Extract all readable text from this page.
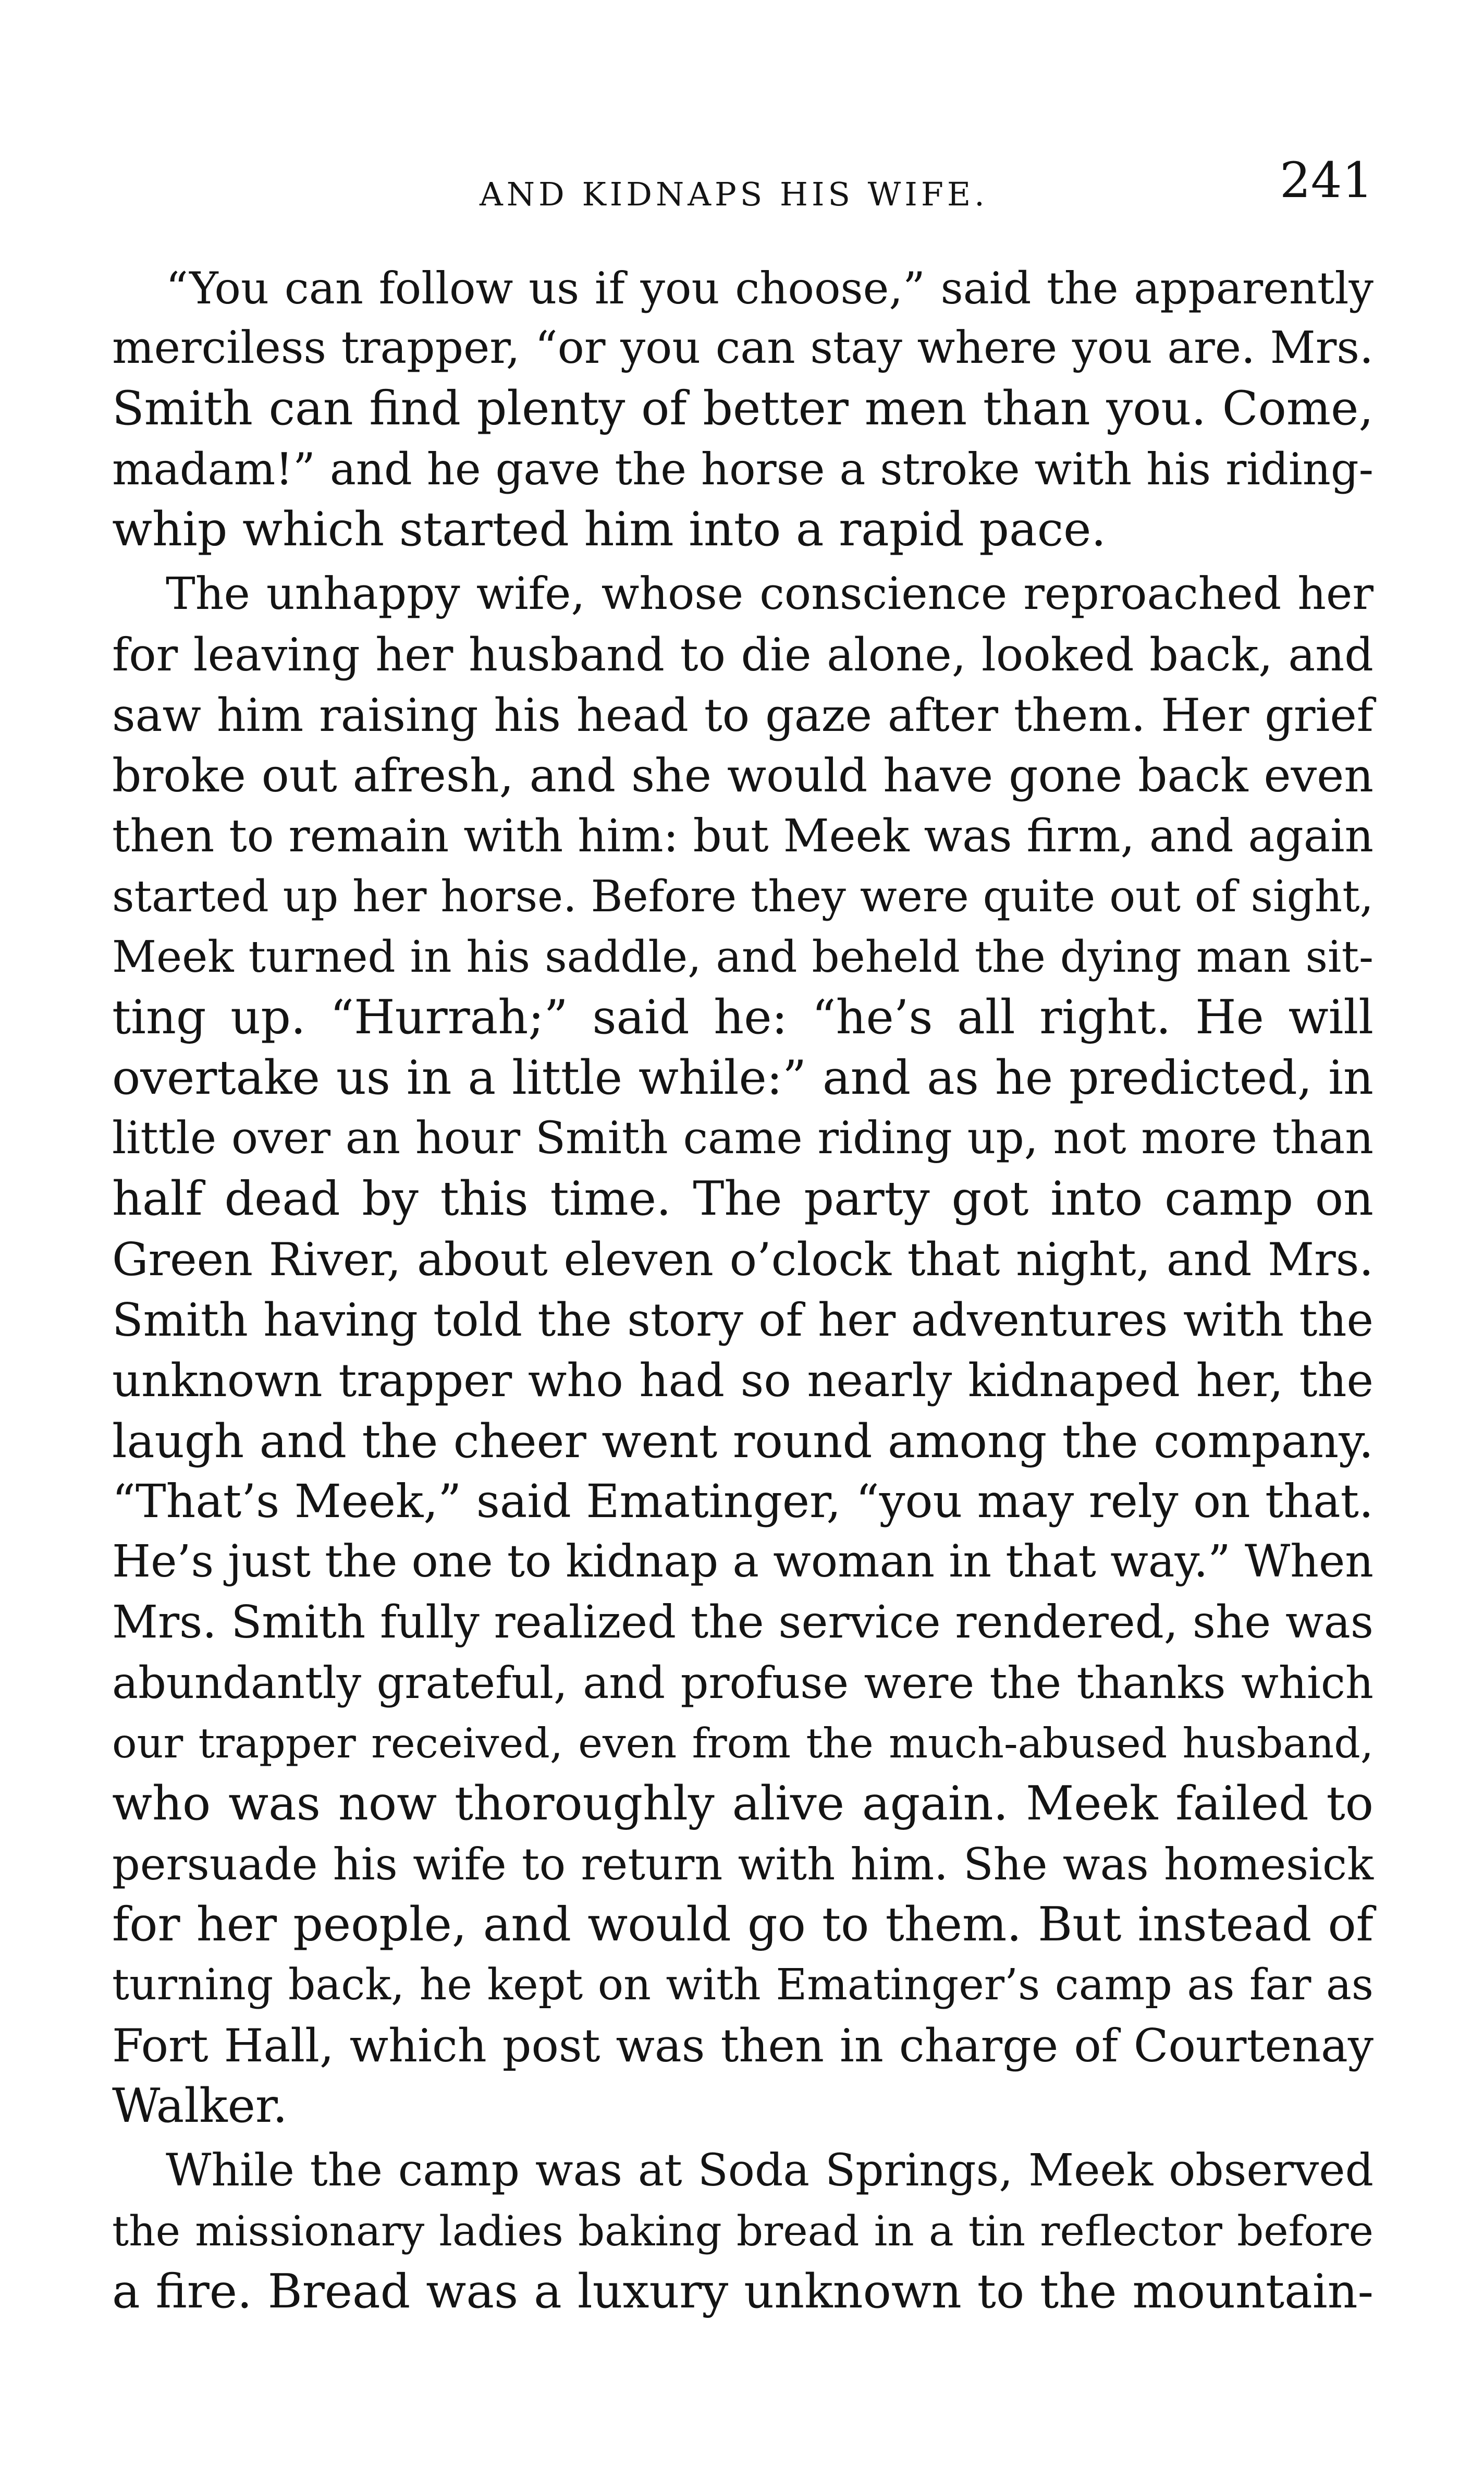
AND KIDNAPS HIS WIFE.	241
“You can follow us if you choose,” said the apparently
merciless trapper, “or you can stay where you are. Mrs.
Smith can find plenty of better men than you. Come,
madam!” and he gave the horse a stroke with his riding-
whip which started him into a rapid pace.
The unhappy wife, whose conscience reproached her
for leaving her husband to die alone, looked back, and
saw him raising his head to gaze after them. Her grief
broke out afresh, and she would have gone back even
then to remain with him: but Meek was firm, and again
started up her horse. Before they were quite out of sight,
Meek turned in his saddle, and beheld the dying man sit-
ting up. “Hurrah;” said he: “he’s all right. He will
overtake us in a little while:” and as he predicted, in
little over an hour Smith came riding up, not more than
half dead by this time. The party got into camp on
Green River, about eleven o’clock that night, and Mrs.
Smith having told the story of her adventures with the
unknown trapper who had so nearly kidnaped her, the
laugh and the cheer went round among the company.
“That’s Meek,” said Ematinger, “you may rely on that.
He’s just the one to kidnap a woman in that way.” When
Mrs. Smith fully realized the service rendered, she was
abundantly grateful, and profuse were the thanks which
our trapper received, even from the much-abused husband,
who was now thoroughly alive again. Meek failed to
persuade his wife to return with him. She was homesick
for her people, and would go to them. But instead of
turning back, he kept on with Ematinger’s camp as far as
Fort Hall, which post was then in charge of Courtenay
Walker.
While the camp was at Soda Springs, Meek observed
the missionary ladies baking bread in a tin reflector before
a fire. Bread was a luxury unknown to the mountain-
